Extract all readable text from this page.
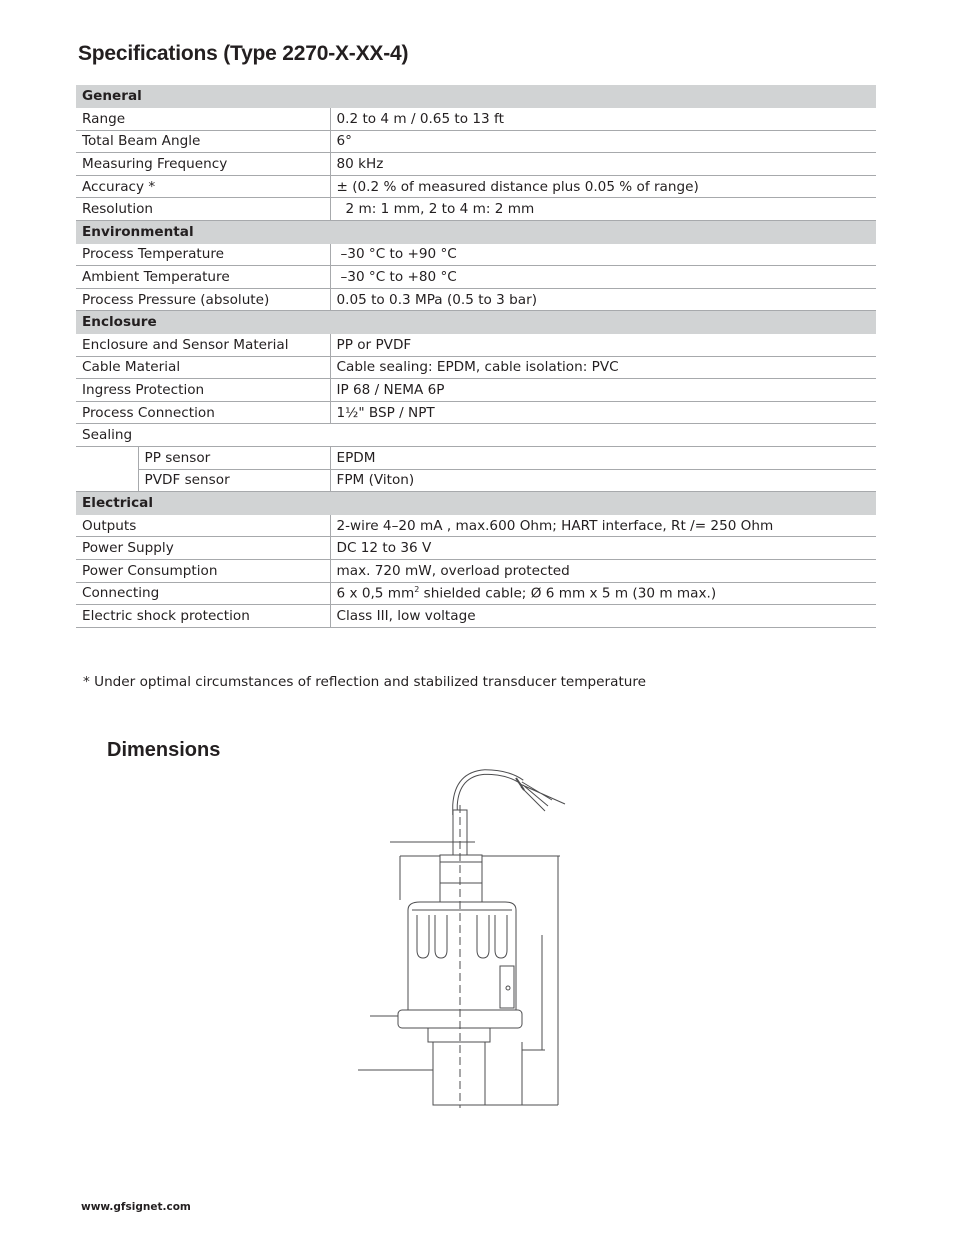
Specifications (Type 2270-X-XX-4)
General		
Range		0.2 to 4 m / 0.65 to 13 ft
Total Beam Angle		6°
Measuring Frequency		80 kHz
Accuracy *		± (0.2 % of measured distance plus 0.05 % of range)
Resolution		2 m: 1 mm, 2 to 4 m: 2 mm
Environmental		
Process Temperature		–30 °C to +90 °C
Ambient Temperature		–30 °C to +80 °C
Process Pressure (absolute)		0.05 to 0.3 MPa (0.5 to 3 bar)
Enclosure		
Enclosure and Sensor Material		PP or PVDF
Cable Material		Cable sealing: EPDM, cable isolation: PVC
Ingress Protection		IP 68 / NEMA 6P
Process Connection		1½" BSP / NPT
Sealing		
	PP sensor	EPDM
	PVDF sensor	FPM (Viton)
Electrical		
Outputs		2-wire 4–20 mA , max.600 Ohm; HART interface, Rt /= 250 Ohm
Power Supply		DC 12 to 36 V
Power Consumption		max. 720 mW, overload protected
Connecting		6 x 0,5 $mm^2$ shielded cable; Ø 6 mm x 5 m (30 m max.)
Electric shock protection		Class III, low voltage
* Under optimal circumstances of reflection and stabilized transducer temperature
Dimensions
www.gfsignet.com
